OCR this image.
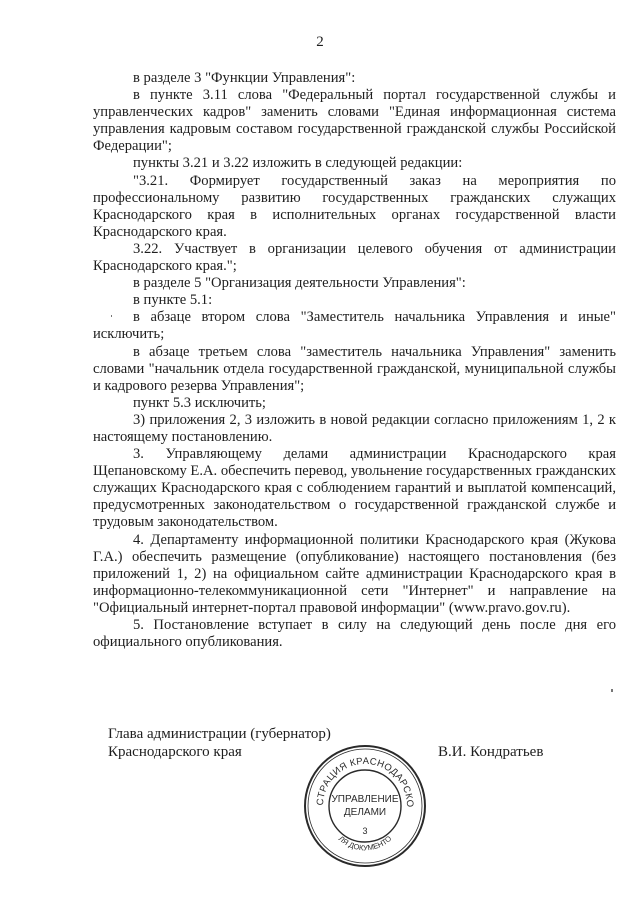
2

в разделе 3 "Функции Управления":

в пункте 3.11 слова "Федеральный портал государственной службы и управленческих кадров" заменить словами "Единая информационная система управления кадровым составом государственной гражданской службы Российской Федерации";

пункты 3.21 и 3.22 изложить в следующей редакции:

"3.21. Формирует государственный заказ на мероприятия по профессиональному развитию государственных гражданских служащих Краснодарского края в исполнительных органах государственной власти Краснодарского края.

3.22. Участвует в организации целевого обучения от администрации Краснодарского края.";

в разделе 5 "Организация деятельности Управления":

в пункте 5.1:

в абзаце втором слова "Заместитель начальника Управления и иные" исключить;

в абзаце третьем слова "заместитель начальника Управления" заменить словами "начальник отдела государственной гражданской, муниципальной службы и кадрового резерва Управления";

пункт 5.3 исключить;

3) приложения 2, 3 изложить в новой редакции согласно приложениям 1, 2 к настоящему постановлению.

3. Управляющему делами администрации Краснодарского края Щепановскому Е.А. обеспечить перевод, увольнение государственных гражданских служащих Краснодарского края с соблюдением гарантий и выплатой компенсаций, предусмотренных законодательством о государственной гражданской службе и трудовым законодательством.

4. Департаменту информационной политики Краснодарского края (Жукова Г.А.) обеспечить размещение (опубликование) настоящего постановления (без приложений 1, 2) на официальном сайте администрации Краснодарского края в информационно-телекоммуникационной сети "Интернет" и направление на "Официальный интернет-портал правовой информации" (www.pravo.gov.ru).

5. Постановление вступает в силу на следующий день после дня его официального опубликования.

Глава администрации (губернатор)
Краснодарского края	В.И. Кондратьев
СТРАЦИЯ КРАСНОДАРСКО
ЛЯ ДОКУМЕНТО
УПРАВЛЕНИЕ
ДЕЛАМИ
3
